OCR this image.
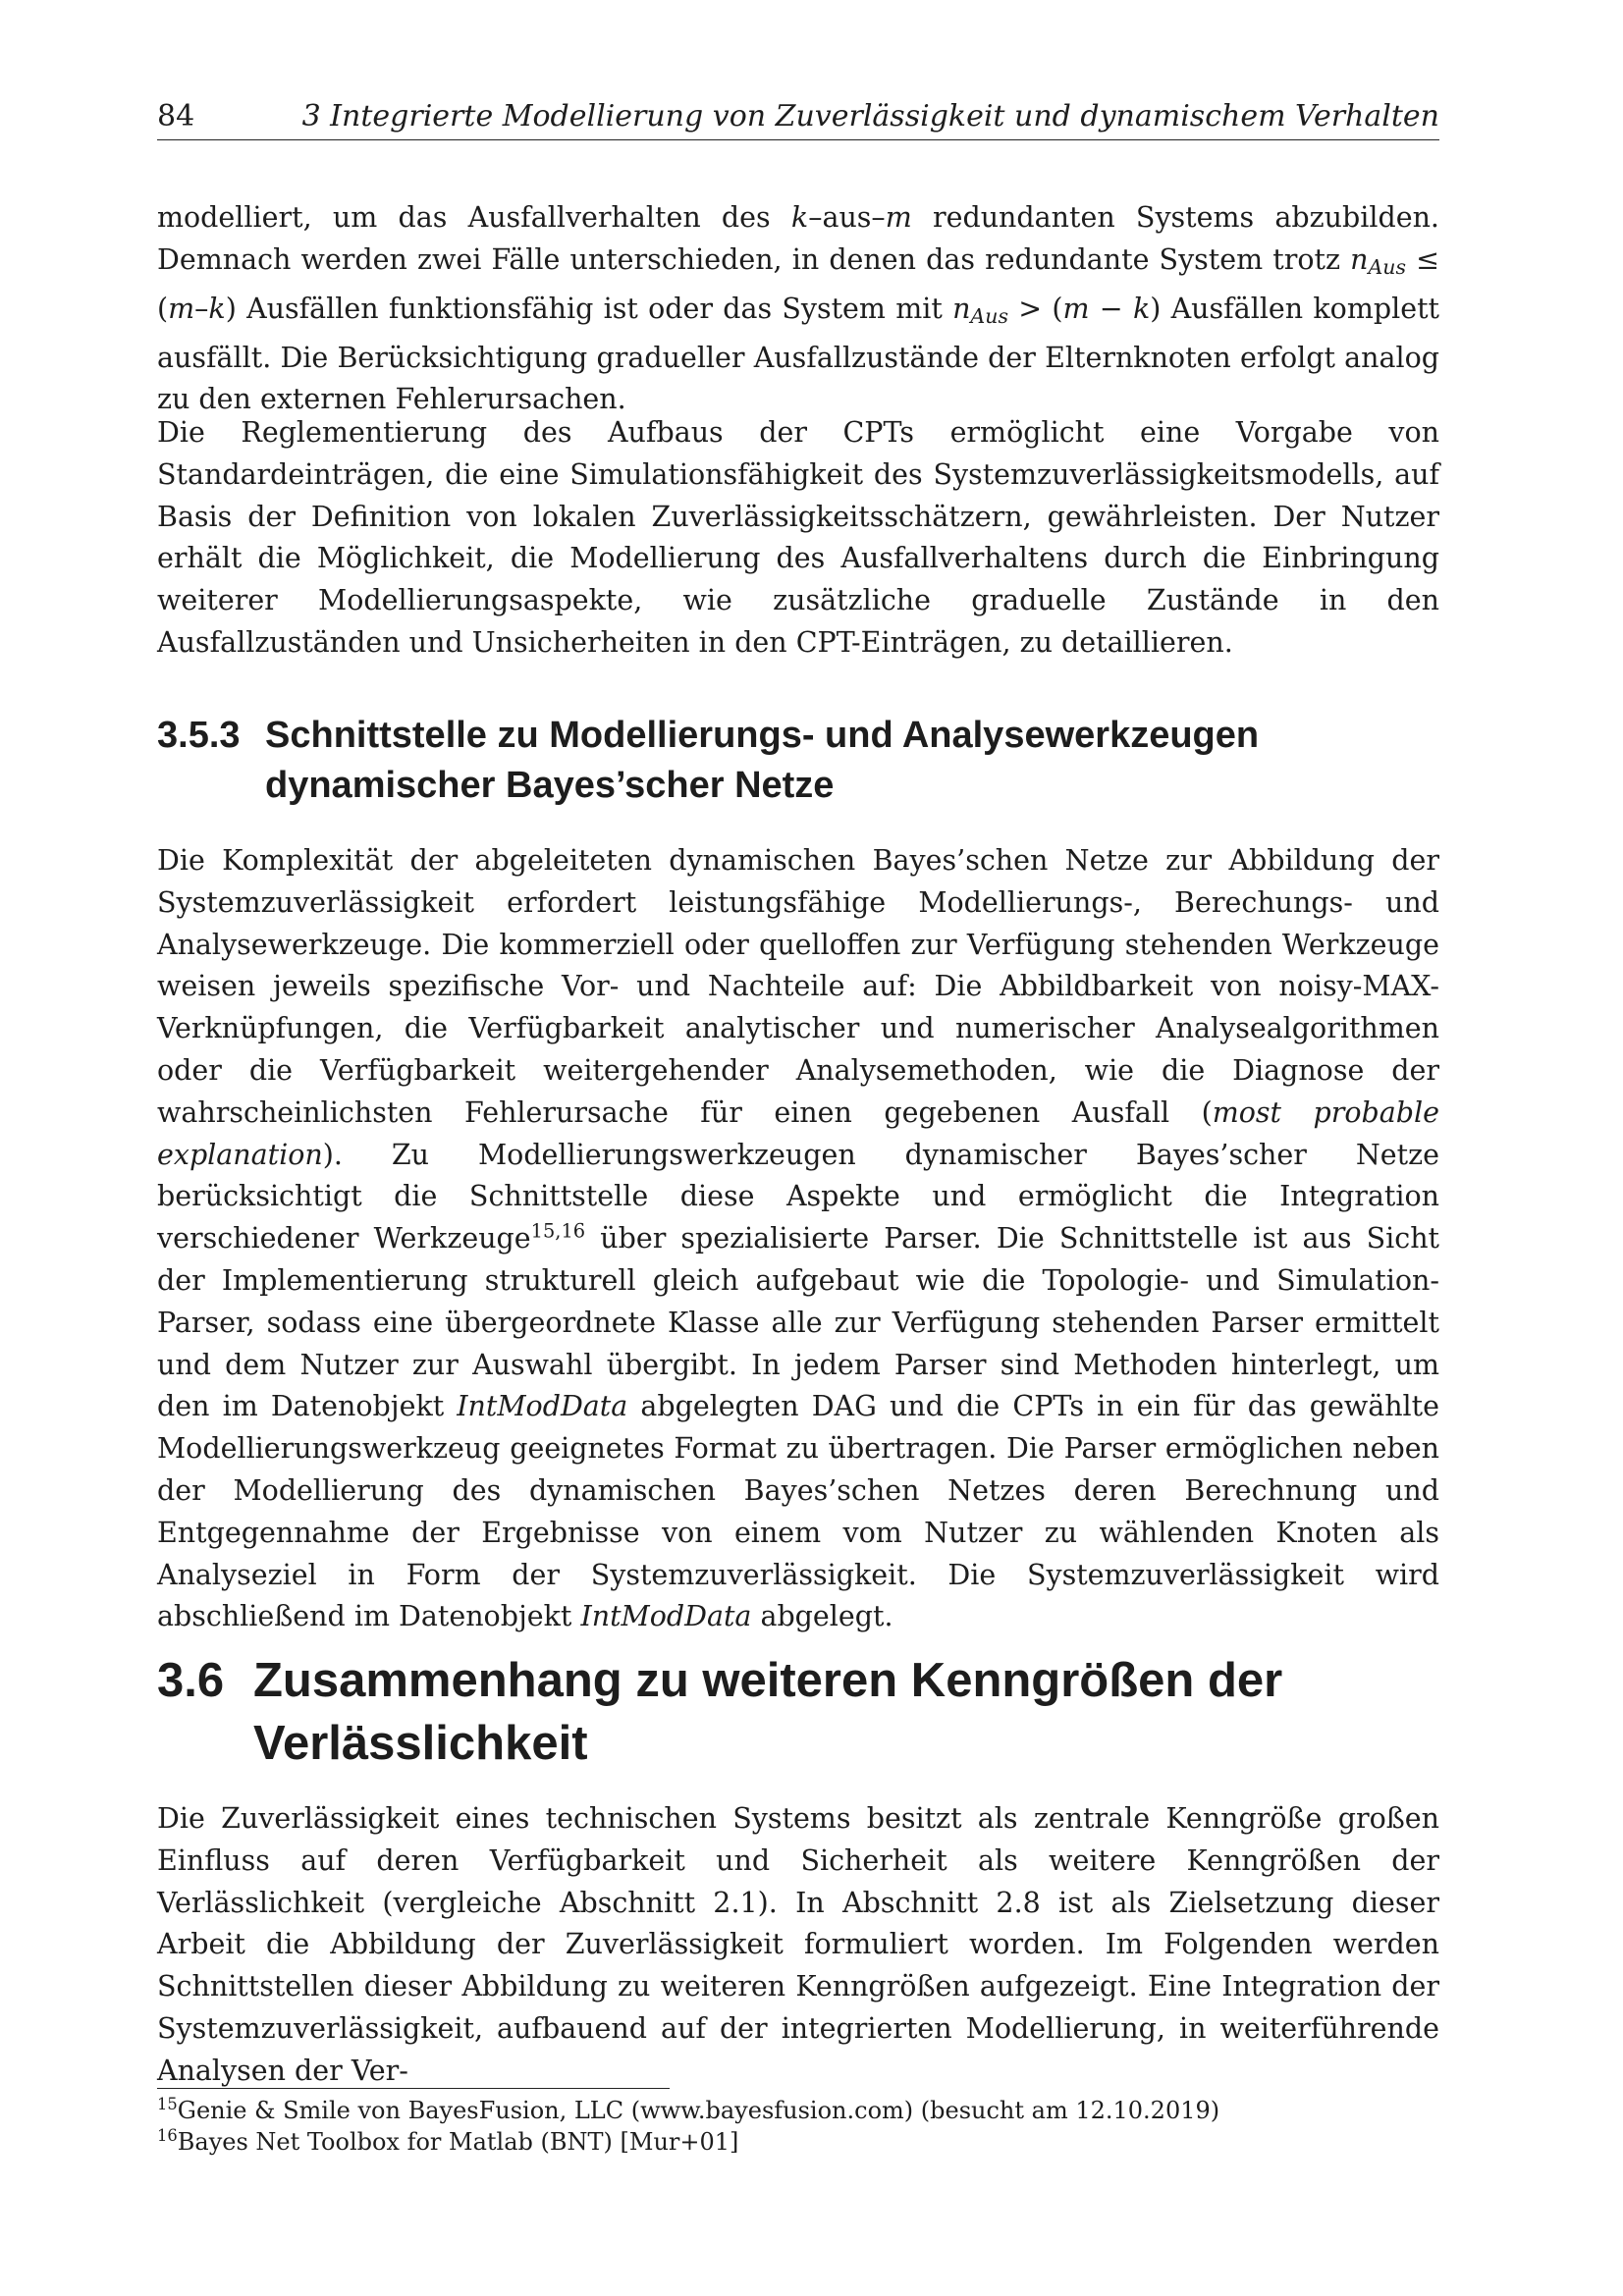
84	3 Integrierte Modellierung von Zuverlässigkeit und dynamischem Verhalten

modelliert, um das Ausfallverhalten des k–aus–m redundanten Systems abzubilden. Demnach werden zwei Fälle unterschieden, in denen das redundante System trotz $n_{Aus} \le (m-k)$ Ausfällen funktionsfähig ist oder das System mit $n_{Aus} > (m - k)$ Ausfällen komplett ausfällt. Die Berücksichtigung gradueller Ausfallzustände der Elternknoten erfolgt analog zu den externen Fehlerursachen.

Die Reglementierung des Aufbaus der CPTs ermöglicht eine Vorgabe von Standardeinträgen, die eine Simulationsfähigkeit des Systemzuverlässigkeitsmodells, auf Basis der Definition von lokalen Zuverlässigkeitsschätzern, gewährleisten. Der Nutzer erhält die Möglichkeit, die Modellierung des Ausfallverhaltens durch die Einbringung weiterer Modellierungsaspekte, wie zusätzliche graduelle Zustände in den Ausfallzuständen und Unsicherheiten in den CPT-Einträgen, zu detaillieren.

3.5.3 Schnittstelle zu Modellierungs- und Analysewerkzeugen dynamischer Bayes’scher Netze

Die Komplexität der abgeleiteten dynamischen Bayes’schen Netze zur Abbildung der Systemzuverlässigkeit erfordert leistungsfähige Modellierungs-, Berechungs- und Analysewerkzeuge. Die kommerziell oder quelloffen zur Verfügung stehenden Werkzeuge weisen jeweils spezifische Vor- und Nachteile auf: Die Abbildbarkeit von noisy-MAX-Verknüpfungen, die Verfügbarkeit analytischer und numerischer Analysealgorithmen oder die Verfügbarkeit weitergehender Analysemethoden, wie die Diagnose der wahrscheinlichsten Fehlerursache für einen gegebenen Ausfall (most probable explanation). Zu Modellierungswerkzeugen dynamischer Bayes’scher Netze berücksichtigt die Schnittstelle diese Aspekte und ermöglicht die Integration verschiedener Werkzeuge$^{15,16}$ über spezialisierte Parser. Die Schnittstelle ist aus Sicht der Implementierung strukturell gleich aufgebaut wie die Topologie- und Simulation-Parser, sodass eine übergeordnete Klasse alle zur Verfügung stehenden Parser ermittelt und dem Nutzer zur Auswahl übergibt. In jedem Parser sind Methoden hinterlegt, um den im Datenobjekt IntModData abgelegten DAG und die CPTs in ein für das gewählte Modellierungswerkzeug geeignetes Format zu übertragen. Die Parser ermöglichen neben der Modellierung des dynamischen Bayes’schen Netzes deren Berechnung und Entgegennahme der Ergebnisse von einem vom Nutzer zu wählenden Knoten als Analyseziel in Form der Systemzuverlässigkeit. Die Systemzuverlässigkeit wird abschließend im Datenobjekt IntModData abgelegt.

3.6 Zusammenhang zu weiteren Kenngrößen der Verlässlichkeit

Die Zuverlässigkeit eines technischen Systems besitzt als zentrale Kenngröße großen Einfluss auf deren Verfügbarkeit und Sicherheit als weitere Kenngrößen der Verlässlichkeit (vergleiche Abschnitt 2.1). In Abschnitt 2.8 ist als Zielsetzung dieser Arbeit die Abbildung der Zuverlässigkeit formuliert worden. Im Folgenden werden Schnittstellen dieser Abbildung zu weiteren Kenngrößen aufgezeigt. Eine Integration der Systemzuverlässigkeit, aufbauend auf der integrierten Modellierung, in weiterführende Analysen der Ver-

$^{15}$Genie & Smile von BayesFusion, LLC (www.bayesfusion.com) (besucht am 12.10.2019)
$^{16}$Bayes Net Toolbox for Matlab (BNT) [Mur+01]
